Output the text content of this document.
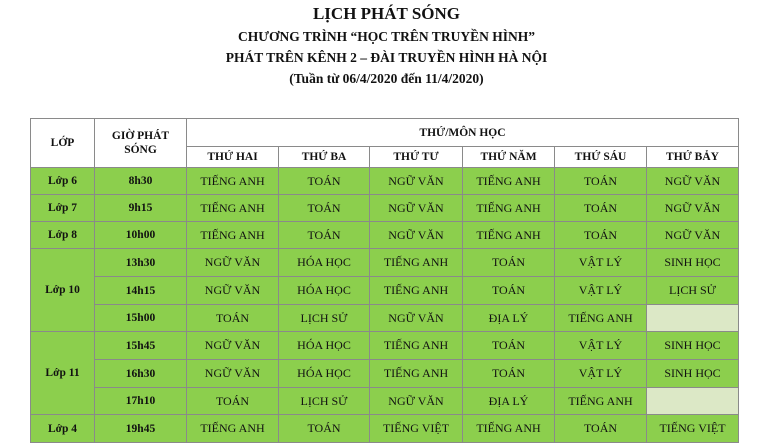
LỊCH PHÁT SÓNG
CHƯƠNG TRÌNH “HỌC TRÊN TRUYỀN HÌNH”
PHÁT TRÊN KÊNH 2 – ĐÀI TRUYỀN HÌNH HÀ NỘI
(Tuần từ 06/4/2020 đến 11/4/2020)
LỚP	GIỜ PHÁT SÓNG	THỨ/MÔN HỌC					
		THỨ HAI	THỨ BA	THỨ TƯ	THỨ NĂM	THỨ SÁU	THỨ BẢY
Lớp 6	8h30	TIẾNG ANH	TOÁN	NGỮ VĂN	TIẾNG ANH	TOÁN	NGỮ VĂN
Lớp 7	9h15	TIẾNG ANH	TOÁN	NGỮ VĂN	TIẾNG ANH	TOÁN	NGỮ VĂN
Lớp 8	10h00	TIẾNG ANH	TOÁN	NGỮ VĂN	TIẾNG ANH	TOÁN	NGỮ VĂN
Lớp 10	13h30	NGỮ VĂN	HÓA HỌC	TIẾNG ANH	TOÁN	VẬT LÝ	SINH HỌC
	14h15	NGỮ VĂN	HÓA HỌC	TIẾNG ANH	TOÁN	VẬT LÝ	LỊCH SỬ
	15h00	TOÁN	LỊCH SỬ	NGỮ VĂN	ĐỊA LÝ	TIẾNG ANH	
Lớp 11	15h45	NGỮ VĂN	HÓA HỌC	TIẾNG ANH	TOÁN	VẬT LÝ	SINH HỌC
	16h30	NGỮ VĂN	HÓA HỌC	TIẾNG ANH	TOÁN	VẬT LÝ	SINH HỌC
	17h10	TOÁN	LỊCH SỬ	NGỮ VĂN	ĐỊA LÝ	TIẾNG ANH	
Lớp 4	19h45	TIẾNG ANH	TOÁN	TIẾNG VIỆT	TIẾNG ANH	TOÁN	TIẾNG VIỆT
